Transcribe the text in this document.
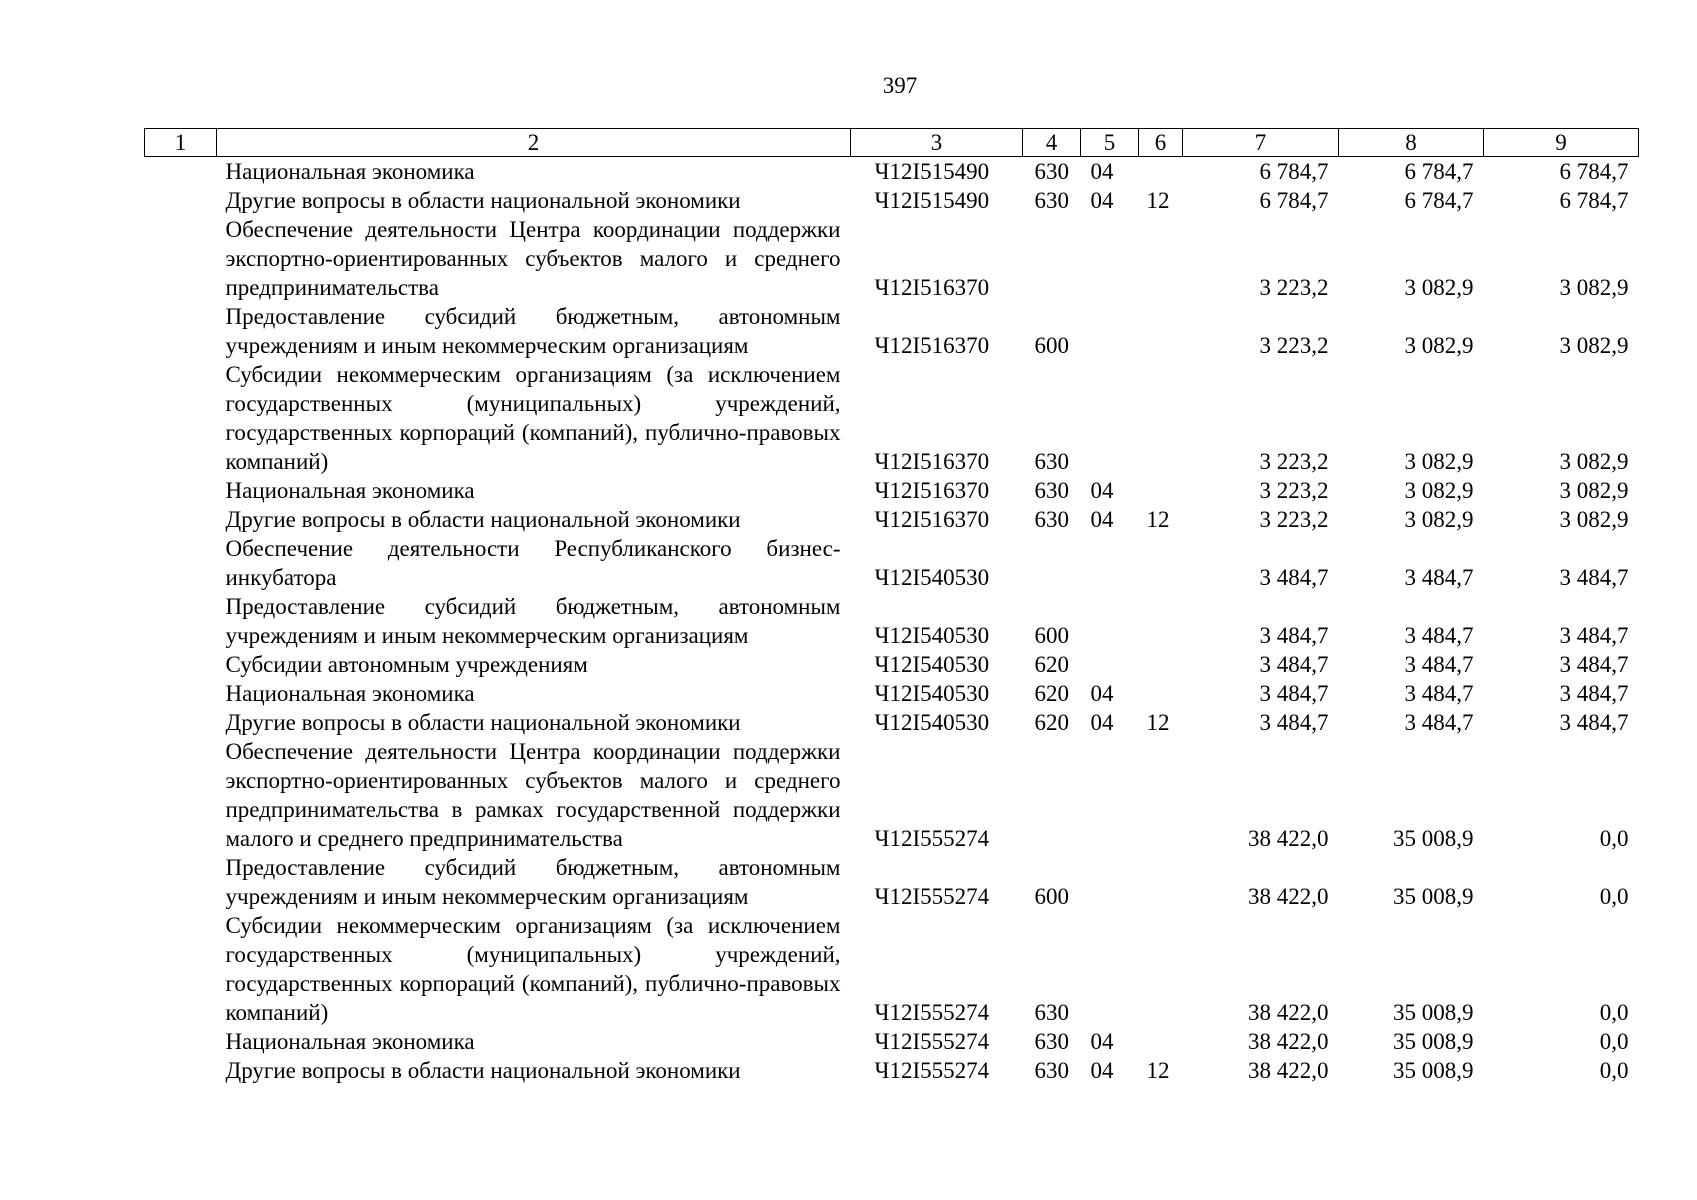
397
1	2	3	4	5	6	7	8	9
	Национальная экономика	Ч12I515490	630	04		6 784,7	6 784,7	6 784,7
	Другие вопросы в области национальной экономики	Ч12I515490	630	04	12	6 784,7	6 784,7	6 784,7
	Обеспечение деятельности Центра координации поддержки экспортно-ориентированных субъектов малого и среднего предпринимательства	Ч12I516370				3 223,2	3 082,9	3 082,9
	Предоставление субсидий бюджетным, автономным учреждениям и иным некоммерческим организациям	Ч12I516370	600			3 223,2	3 082,9	3 082,9
	Субсидии некоммерческим организациям (за исключением государственных (муниципальных) учреждений, государственных корпораций (компаний), публично-правовых компаний)	Ч12I516370	630			3 223,2	3 082,9	3 082,9
	Национальная экономика	Ч12I516370	630	04		3 223,2	3 082,9	3 082,9
	Другие вопросы в области национальной экономики	Ч12I516370	630	04	12	3 223,2	3 082,9	3 082,9
	Обеспечение деятельности Республиканского бизнес-инкубатора	Ч12I540530				3 484,7	3 484,7	3 484,7
	Предоставление субсидий бюджетным, автономным учреждениям и иным некоммерческим организациям	Ч12I540530	600			3 484,7	3 484,7	3 484,7
	Субсидии автономным учреждениям	Ч12I540530	620			3 484,7	3 484,7	3 484,7
	Национальная экономика	Ч12I540530	620	04		3 484,7	3 484,7	3 484,7
	Другие вопросы в области национальной экономики	Ч12I540530	620	04	12	3 484,7	3 484,7	3 484,7
	Обеспечение деятельности Центра координации поддержки экспортно-ориентированных субъектов малого и среднего предпринимательства в рамках государственной поддержки малого и среднего предпринимательства	Ч12I555274				38 422,0	35 008,9	0,0
	Предоставление субсидий бюджетным, автономным учреждениям и иным некоммерческим организациям	Ч12I555274	600			38 422,0	35 008,9	0,0
	Субсидии некоммерческим организациям (за исключением государственных (муниципальных) учреждений, государственных корпораций (компаний), публично-правовых компаний)	Ч12I555274	630			38 422,0	35 008,9	0,0
	Национальная экономика	Ч12I555274	630	04		38 422,0	35 008,9	0,0
	Другие вопросы в области национальной экономики	Ч12I555274	630	04	12	38 422,0	35 008,9	0,0
